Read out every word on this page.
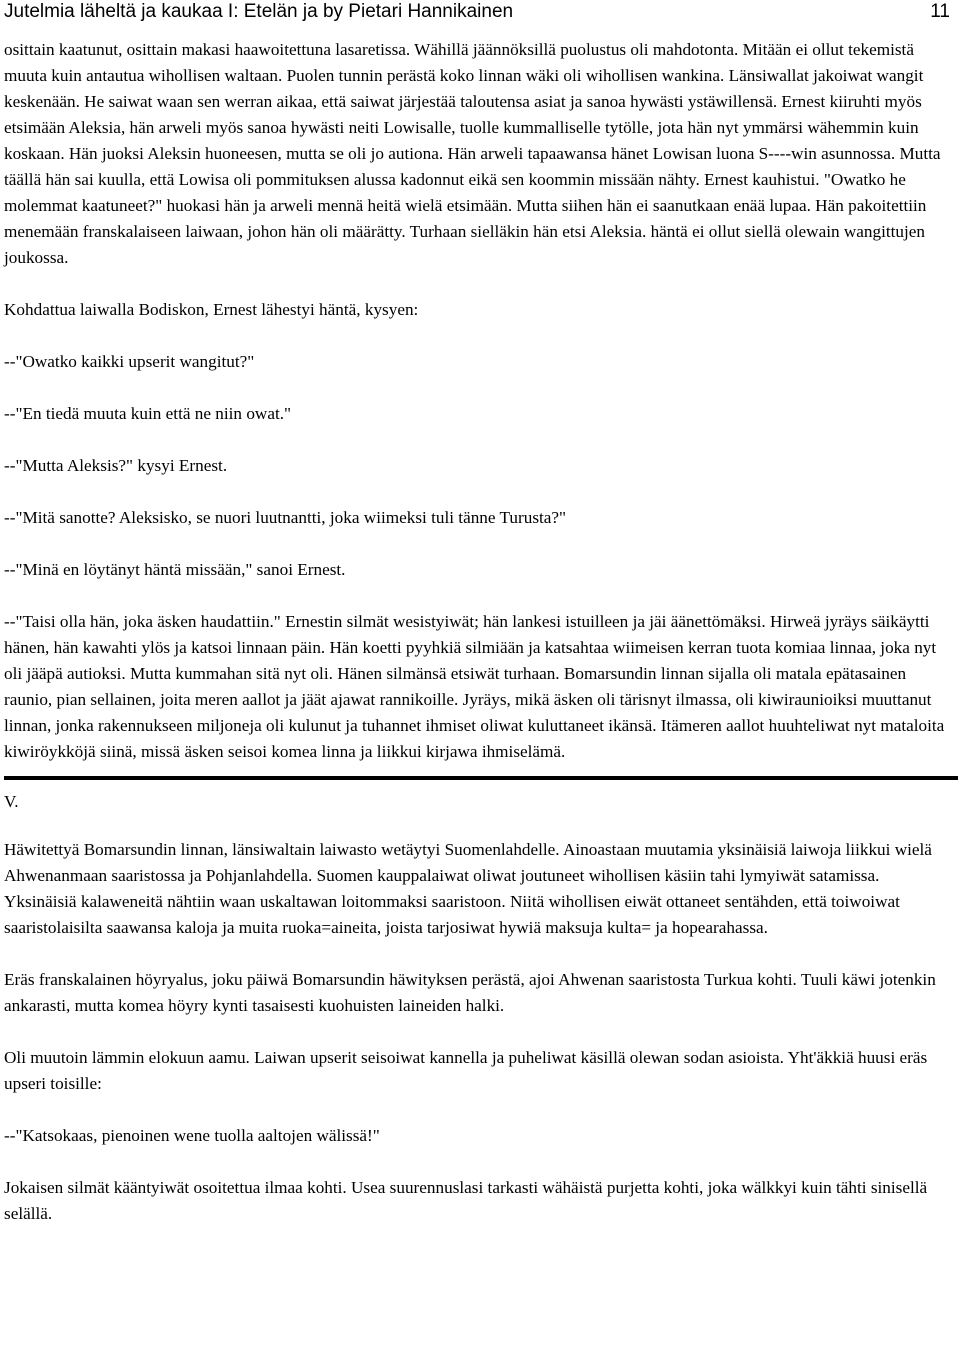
Jutelmia läheltä ja kaukaa I: Etelän ja by Pietari Hannikainen	11

osittain kaatunut, osittain makasi haawoitettuna lasaretissa. Wähillä jäännöksillä puolustus oli mahdotonta. Mitään ei ollut tekemistä muuta kuin antautua wihollisen waltaan. Puolen tunnin perästä koko linnan wäki oli wihollisen wankina. Länsiwallat jakoiwat wangit keskenään. He saiwat waan sen werran aikaa, että saiwat järjestää taloutensa asiat ja sanoa hywästi ystäwillensä. Ernest kiiruhti myös etsimään Aleksia, hän arweli myös sanoa hywästi neiti Lowisalle, tuolle kummalliselle tytölle, jota hän nyt ymmärsi wähemmin kuin koskaan. Hän juoksi Aleksin huoneesen, mutta se oli jo autiona. Hän arweli tapaawansa hänet Lowisan luona S----win asunnossa. Mutta täällä hän sai kuulla, että Lowisa oli pommituksen alussa kadonnut eikä sen koommin missään nähty. Ernest kauhistui. "Owatko he molemmat kaatuneet?" huokasi hän ja arweli mennä heitä wielä etsimään. Mutta siihen hän ei saanutkaan enää lupaa. Hän pakoitettiin menemään franskalaiseen laiwaan, johon hän oli määrätty. Turhaan sielläkin hän etsi Aleksia. häntä ei ollut siellä olewain wangittujen joukossa.

Kohdattua laiwalla Bodiskon, Ernest lähestyi häntä, kysyen:

--"Owatko kaikki upserit wangitut?"

--"En tiedä muuta kuin että ne niin owat."

--"Mutta Aleksis?" kysyi Ernest.

--"Mitä sanotte? Aleksisko, se nuori luutnantti, joka wiimeksi tuli tänne Turusta?"

--"Minä en löytänyt häntä missään," sanoi Ernest.

--"Taisi olla hän, joka äsken haudattiin." Ernestin silmät wesistyiwät; hän lankesi istuilleen ja jäi äänettömäksi. Hirweä jyräys säikäytti hänen, hän kawahti ylös ja katsoi linnaan päin. Hän koetti pyyhkiä silmiään ja katsahtaa wiimeisen kerran tuota komiaa linnaa, joka nyt oli jääpä autioksi. Mutta kummahan sitä nyt oli. Hänen silmänsä etsiwät turhaan. Bomarsundin linnan sijalla oli matala epätasainen raunio, pian sellainen, joita meren aallot ja jäät ajawat rannikoille. Jyräys, mikä äsken oli tärisnyt ilmassa, oli kiwiraunioiksi muuttanut linnan, jonka rakennukseen miljoneja oli kulunut ja tuhannet ihmiset oliwat kuluttaneet ikänsä. Itämeren aallot huuhteliwat nyt mataloita kiwiröykköjä siinä, missä äsken seisoi komea linna ja liikkui kirjawa ihmiselämä.

V.

Häwitettyä Bomarsundin linnan, länsiwaltain laiwasto wetäytyi Suomenlahdelle. Ainoastaan muutamia yksinäisiä laiwoja liikkui wielä Ahwenanmaan saaristossa ja Pohjanlahdella. Suomen kauppalaiwat oliwat joutuneet wihollisen käsiin tahi lymyiwät satamissa. Yksinäisiä kalaweneitä nähtiin waan uskaltawan loitommaksi saaristoon. Niitä wihollisen eiwät ottaneet sentähden, että toiwoiwat saaristolaisilta saawansa kaloja ja muita ruoka=aineita, joista tarjosiwat hywiä maksuja kulta= ja hopearahassa.

Eräs franskalainen höyryalus, joku päiwä Bomarsundin häwityksen perästä, ajoi Ahwenan saaristosta Turkua kohti. Tuuli käwi jotenkin ankarasti, mutta komea höyry kynti tasaisesti kuohuisten laineiden halki.

Oli muutoin lämmin elokuun aamu. Laiwan upserit seisoiwat kannella ja puheliwat käsillä olewan sodan asioista. Yht'äkkiä huusi eräs upseri toisille:

--"Katsokaas, pienoinen wene tuolla aaltojen wälissä!"

Jokaisen silmät kääntyiwät osoitettua ilmaa kohti. Usea suurennuslasi tarkasti wähäistä purjetta kohti, joka wälkkyi kuin tähti sinisellä selällä.
